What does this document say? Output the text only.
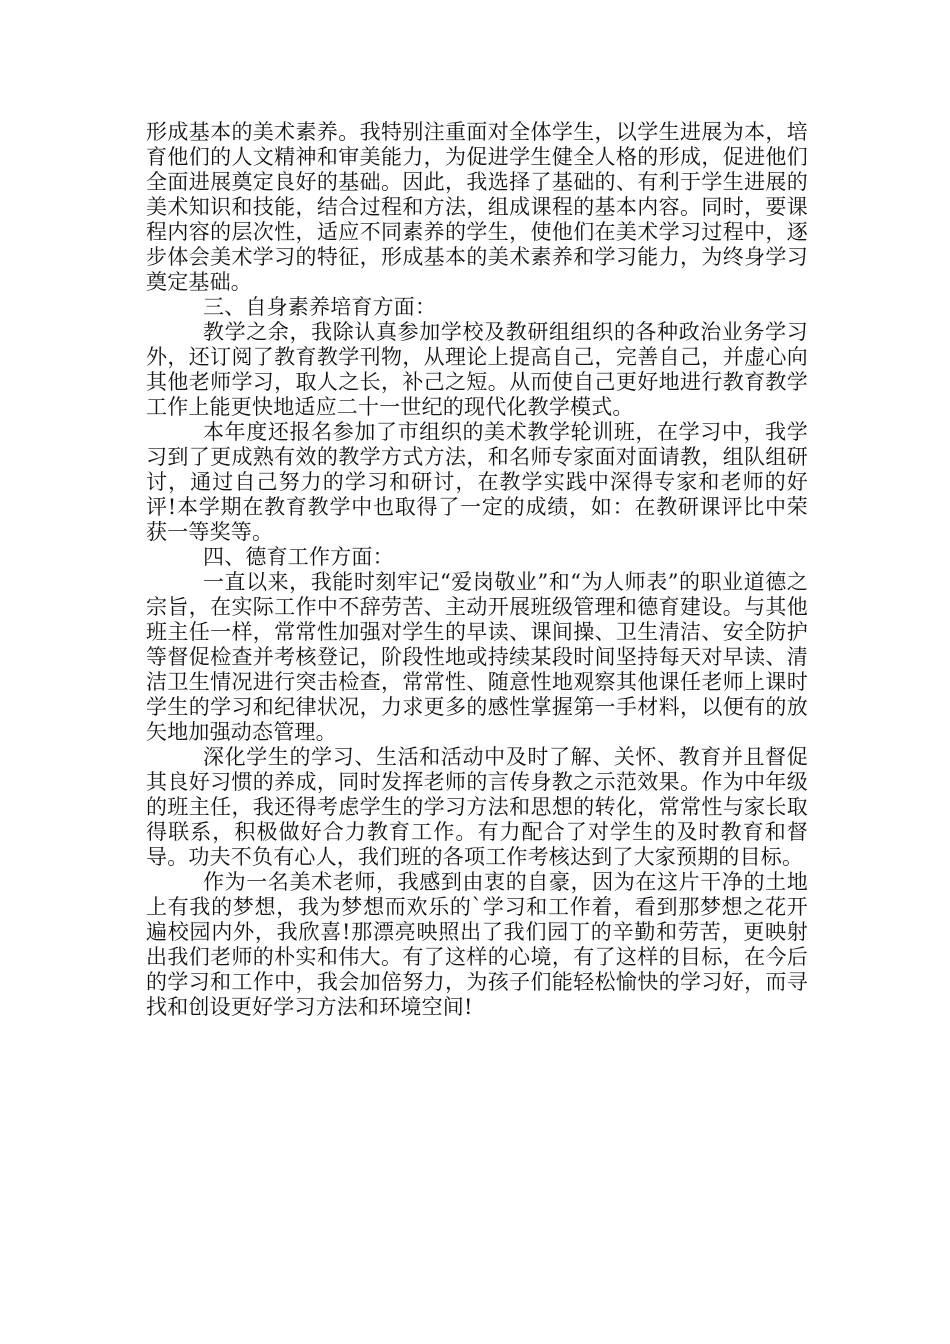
形成基本的美术素养。我特别注重面对全体学生，以学生进展为本，培育他们的人文精神和审美能力，为促进学生健全人格的形成，促进他们全面进展奠定良好的基础。因此，我选择了基础的、有利于学生进展的美术知识和技能，结合过程和方法，组成课程的基本内容。同时，要课程内容的层次性，适应不同素养的学生，使他们在美术学习过程中，逐步体会美术学习的特征，形成基本的美术素养和学习能力，为终身学习奠定基础。

三、自身素养培育方面：

教学之余，我除认真参加学校及教研组组织的各种政治业务学习外，还订阅了教育教学刊物，从理论上提高自己，完善自己，并虚心向其他老师学习，取人之长，补己之短。从而使自己更好地进行教育教学工作上能更快地适应二十一世纪的现代化教学模式。

本年度还报名参加了市组织的美术教学轮训班，在学习中，我学习到了更成熟有效的教学方式方法，和名师专家面对面请教，组队组研讨，通过自己努力的学习和研讨，在教学实践中深得专家和老师的好评!本学期在教育教学中也取得了一定的成绩，如：在教研课评比中荣获一等奖等。

四、德育工作方面：

一直以来，我能时刻牢记“爱岗敬业”和“为人师表”的职业道德之宗旨，在实际工作中不辞劳苦、主动开展班级管理和德育建设。与其他班主任一样，常常性加强对学生的早读、课间操、卫生清洁、安全防护等督促检查并考核登记，阶段性地或持续某段时间坚持每天对早读、清洁卫生情况进行突击检查，常常性、随意性地观察其他课任老师上课时学生的学习和纪律状况，力求更多的感性掌握第一手材料，以便有的放矢地加强动态管理。

深化学生的学习、生活和活动中及时了解、关怀、教育并且督促其良好习惯的养成，同时发挥老师的言传身教之示范效果。作为中年级的班主任，我还得考虑学生的学习方法和思想的转化，常常性与家长取得联系，积极做好合力教育工作。有力配合了对学生的及时教育和督导。功夫不负有心人，我们班的各项工作考核达到了大家预期的目标。

作为一名美术老师，我感到由衷的自豪，因为在这片干净的土地上有我的梦想，我为梦想而欢乐的`学习和工作着，看到那梦想之花开遍校园内外，我欣喜!那漂亮映照出了我们园丁的辛勤和劳苦，更映射出我们老师的朴实和伟大。有了这样的心境，有了这样的目标，在今后的学习和工作中，我会加倍努力，为孩子们能轻松愉快的学习好，而寻找和创设更好学习方法和环境空间!
